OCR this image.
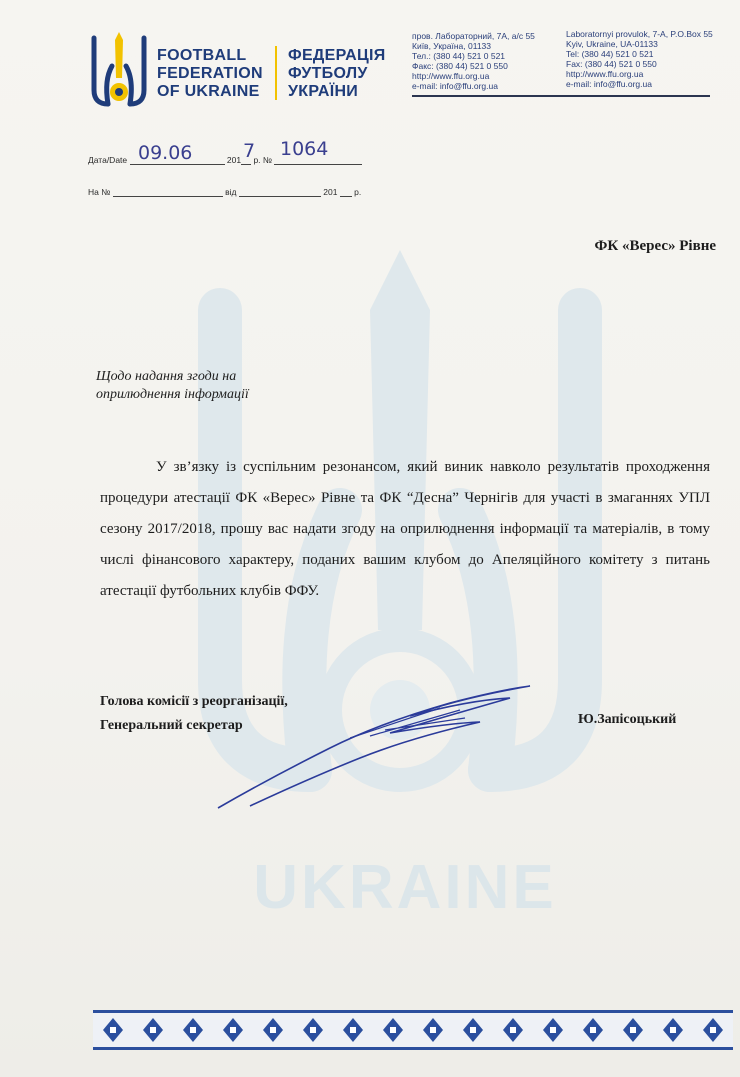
UKRAINE
FOOTBALL
FEDERATION
OF UKRAINE
ФЕДЕРАЦІЯ
ФУТБОЛУ
УКРАЇНИ
пров. Лабораторний, 7А, а/с 55
Київ, Україна, 01133
Тел.: (380 44) 521 0 521
Факс: (380 44) 521 0 550
http://www.ffu.org.ua
e-mail: info@ffu.org.ua
Laboratornyi provulok, 7-A, P.O.Box 55
Kyiv, Ukraine, UA-01133
Tel: (380 44) 521 0 521
Fax: (380 44) 521 0 550
http://www.ffu.org.ua
e-mail: info@ffu.org.ua
Дата/Date	201 р. №
09.06	7 1064
На №	від	201 р.
ФК «Верес» Рівне
Щодо надання згоди на
оприлюднення інформації
У зв’язку із суспільним резонансом, який виник навколо результатів проходження процедури атестації ФК «Верес» Рівне та ФК “Десна” Чернігів для участі в змаганнях УПЛ сезону 2017/2018, прошу вас надати згоду на оприлюднення інформації та матеріалів, в тому числі фінансового характеру, поданих вашим клубом до Апеляційного комітету з питань атестації футбольних клубів ФФУ.
Голова комісії з реорганізації,
Генеральний секретар	Ю.Запісоцький
